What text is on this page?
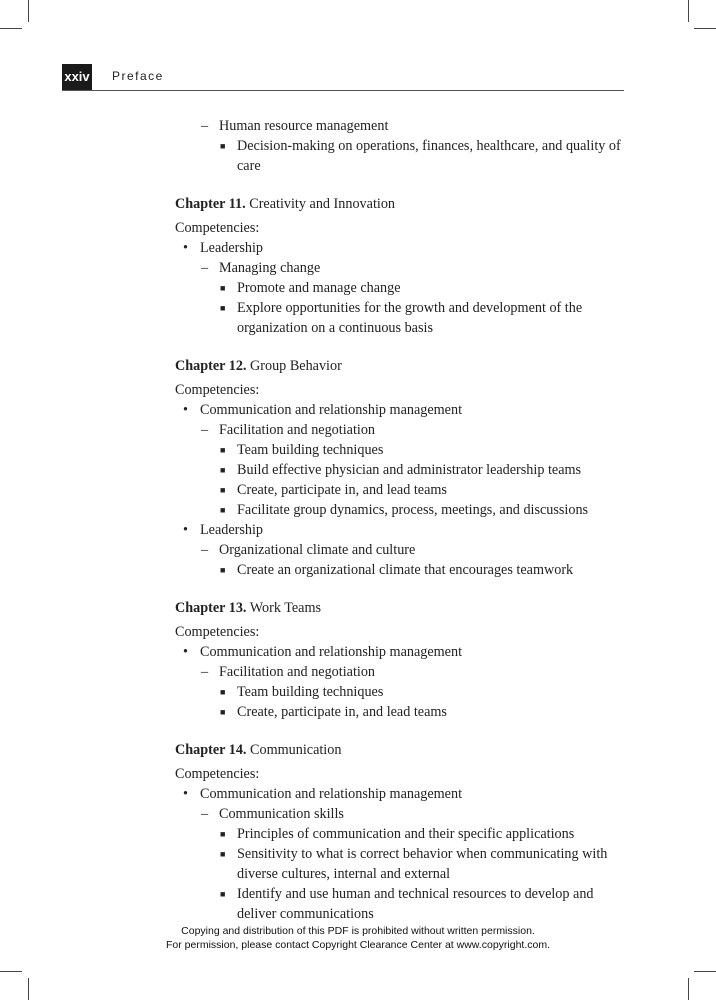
xxiv Preface
– Human resource management
■ Decision-making on operations, finances, healthcare, and quality of care
Chapter 11. Creativity and Innovation
Competencies:
• Leadership
– Managing change
■ Promote and manage change
■ Explore opportunities for the growth and development of the organization on a continuous basis
Chapter 12. Group Behavior
Competencies:
• Communication and relationship management
– Facilitation and negotiation
■ Team building techniques
■ Build effective physician and administrator leadership teams
■ Create, participate in, and lead teams
■ Facilitate group dynamics, process, meetings, and discussions
• Leadership
– Organizational climate and culture
■ Create an organizational climate that encourages teamwork
Chapter 13. Work Teams
Competencies:
• Communication and relationship management
– Facilitation and negotiation
■ Team building techniques
■ Create, participate in, and lead teams
Chapter 14. Communication
Competencies:
• Communication and relationship management
– Communication skills
■ Principles of communication and their specific applications
■ Sensitivity to what is correct behavior when communicating with diverse cultures, internal and external
■ Identify and use human and technical resources to develop and deliver communications
Copying and distribution of this PDF is prohibited without written permission.
For permission, please contact Copyright Clearance Center at www.copyright.com.
